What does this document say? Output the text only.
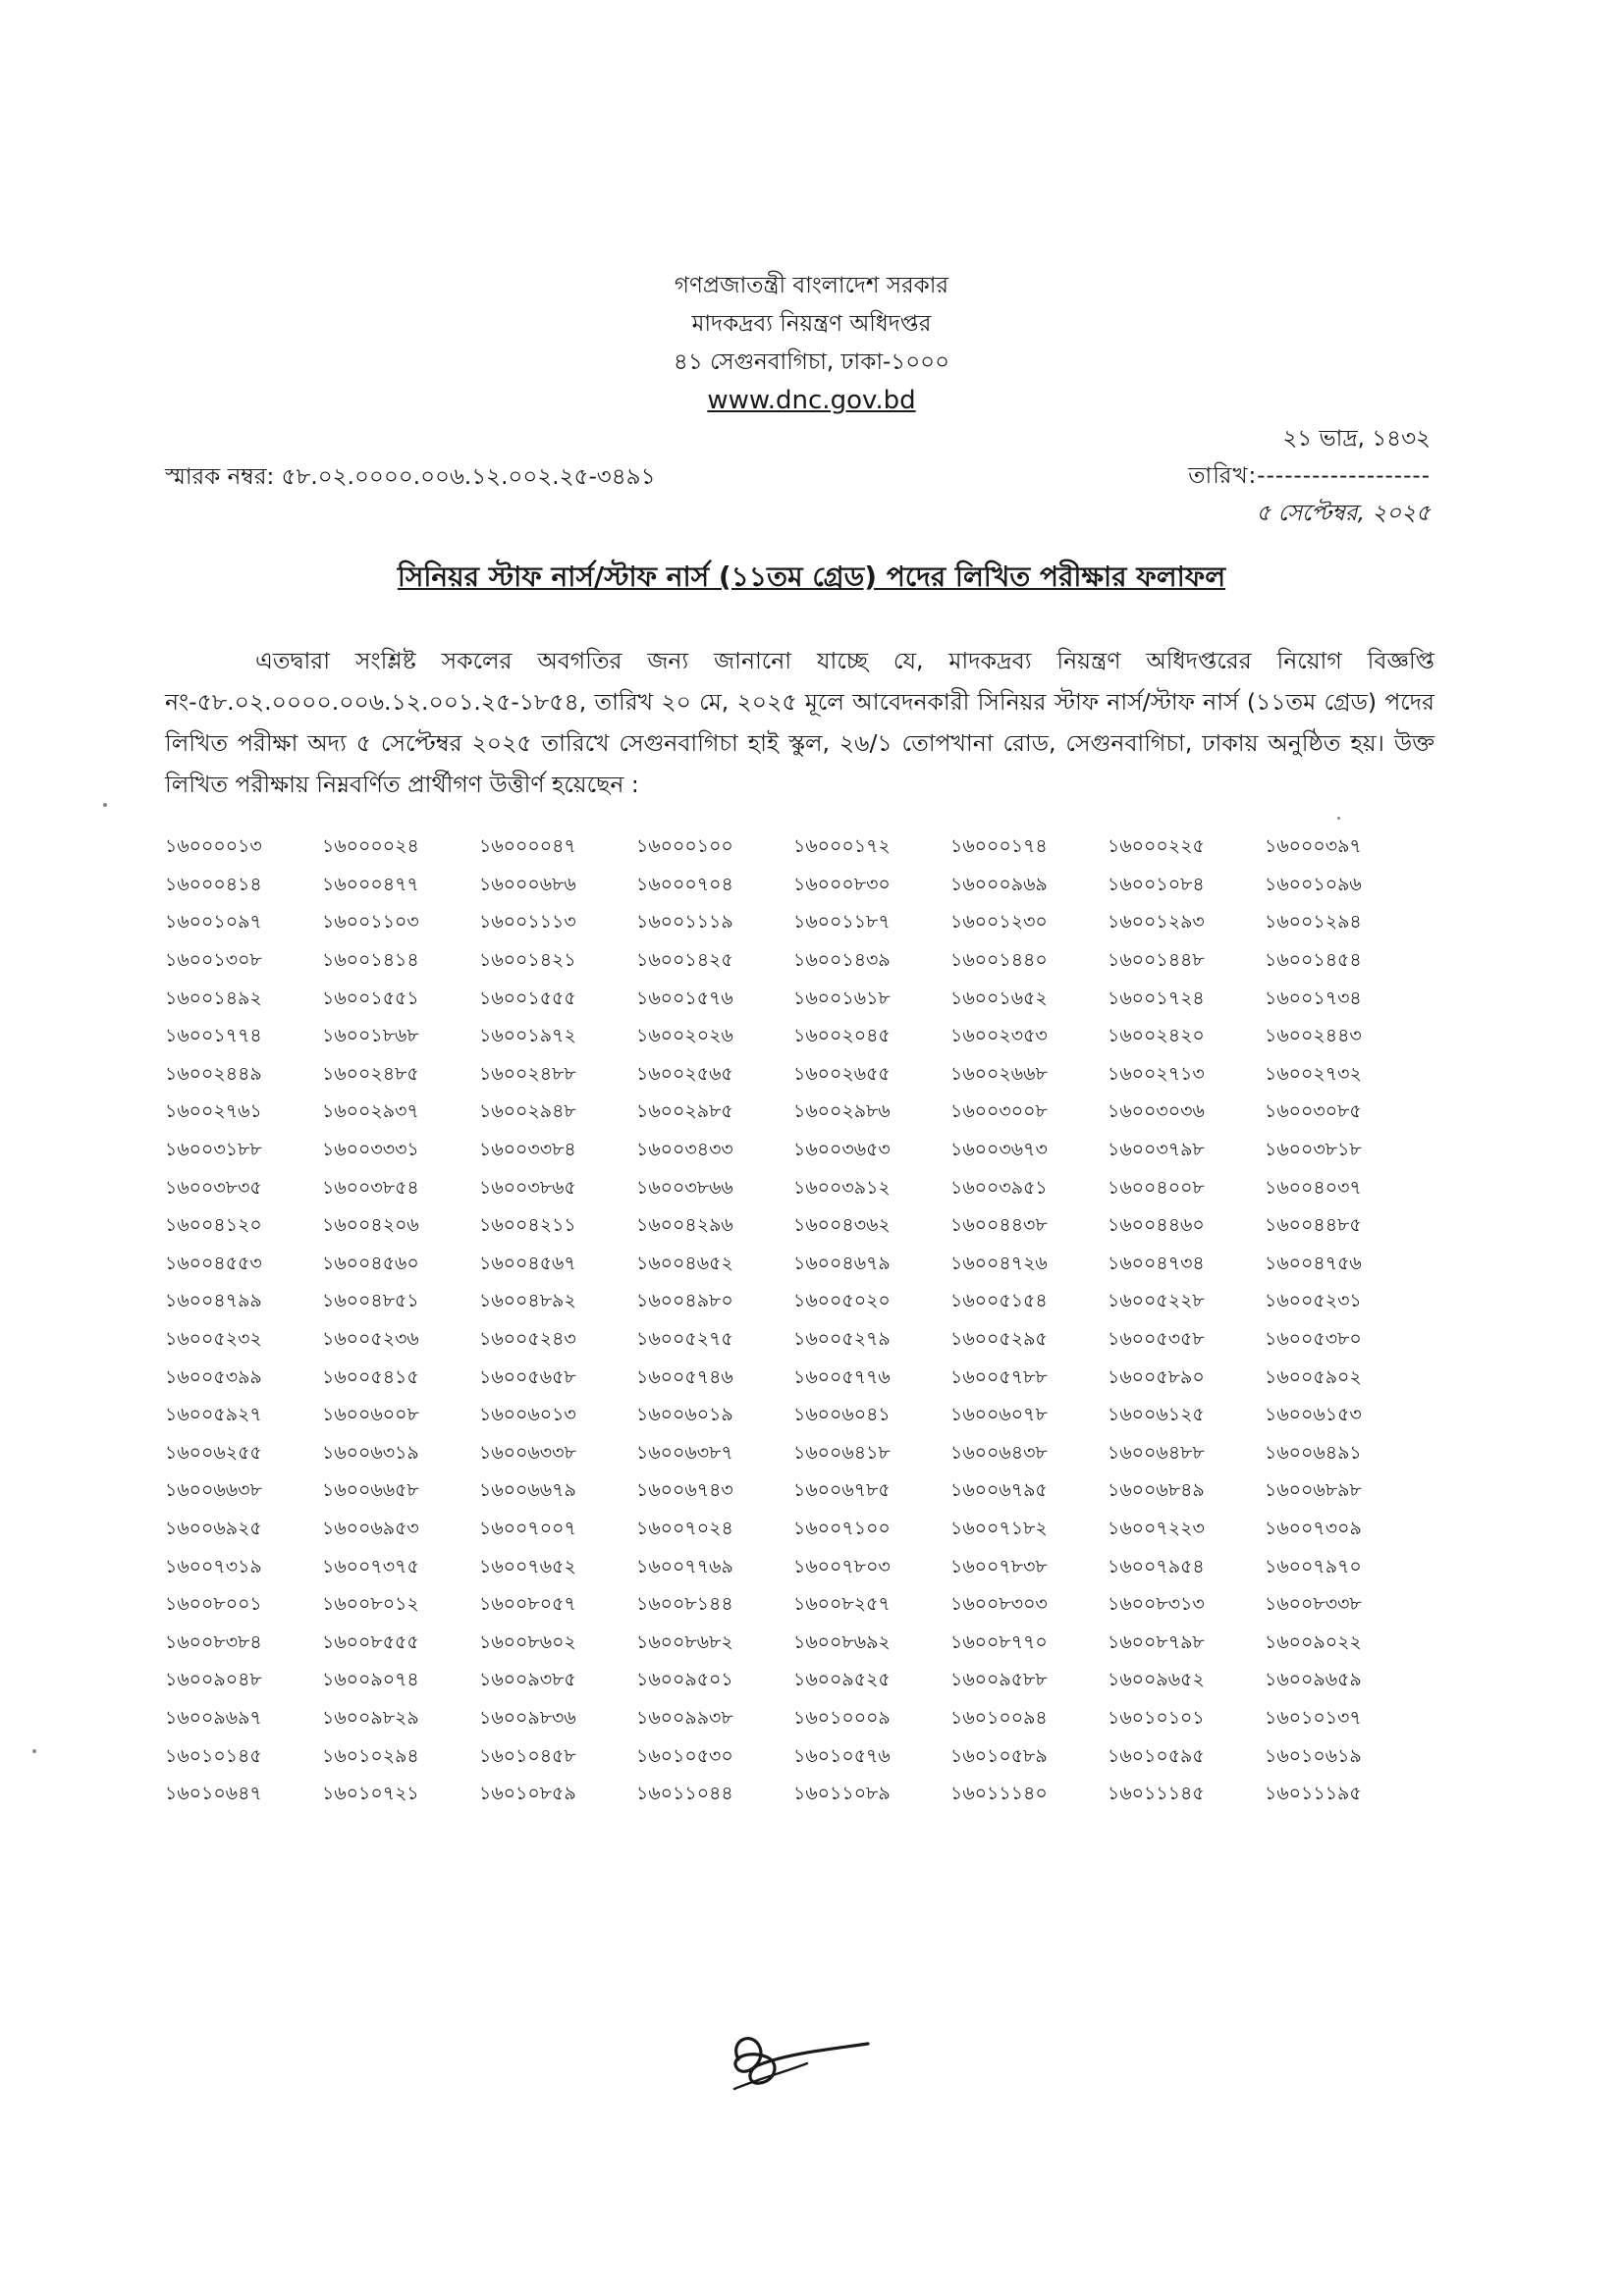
গণপ্রজাতন্ত্রী বাংলাদেশ সরকার
মাদকদ্রব্য নিয়ন্ত্রণ অধিদপ্তর
৪১ সেগুনবাগিচা, ঢাকা-১০০০
www.dnc.gov.bd
স্মারক নম্বর: ৫৮.০২.০০০০.০০৬.১২.০০২.২৫-৩৪৯১
২১ ভাদ্র, ১৪৩২
তারিখ:-------------------
৫ সেপ্টেম্বর, ২০২৫
সিনিয়র স্টাফ নার্স/স্টাফ নার্স (১১তম গ্রেড) পদের লিখিত পরীক্ষার ফলাফল
এতদ্বারা সংশ্লিষ্ট সকলের অবগতির জন্য জানানো যাচ্ছে যে, মাদকদ্রব্য নিয়ন্ত্রণ অধিদপ্তরের নিয়োগ বিজ্ঞপ্তি নং-৫৮.০২.০০০০.০০৬.১২.০০১.২৫-১৮৫৪, তারিখ ২০ মে, ২০২৫ মূলে আবেদনকারী সিনিয়র স্টাফ নার্স/স্টাফ নার্স (১১তম গ্রেড) পদের লিখিত পরীক্ষা অদ্য ৫ সেপ্টেম্বর ২০২৫ তারিখে সেগুনবাগিচা হাই স্কুল, ২৬/১ তোপখানা রোড, সেগুনবাগিচা, ঢাকায় অনুষ্ঠিত হয়। উক্ত লিখিত পরীক্ষায় নিম্নবর্ণিত প্রার্থীগণ উত্তীর্ণ হয়েছেন :
১৬০০০০১৩	১৬০০০০২৪	১৬০০০০৪৭	১৬০০০১০০	১৬০০০১৭২	১৬০০০১৭৪	১৬০০০২২৫	১৬০০০৩৯৭
১৬০০০৪১৪	১৬০০০৪৭৭	১৬০০০৬৮৬	১৬০০০৭০৪	১৬০০০৮৩০	১৬০০০৯৬৯	১৬০০১০৮৪	১৬০০১০৯৬
১৬০০১০৯৭	১৬০০১১০৩	১৬০০১১১৩	১৬০০১১১৯	১৬০০১১৮৭	১৬০০১২৩০	১৬০০১২৯৩	১৬০০১২৯৪
১৬০০১৩০৮	১৬০০১৪১৪	১৬০০১৪২১	১৬০০১৪২৫	১৬০০১৪৩৯	১৬০০১৪৪০	১৬০০১৪৪৮	১৬০০১৪৫৪
১৬০০১৪৯২	১৬০০১৫৫১	১৬০০১৫৫৫	১৬০০১৫৭৬	১৬০০১৬১৮	১৬০০১৬৫২	১৬০০১৭২৪	১৬০০১৭৩৪
১৬০০১৭৭৪	১৬০০১৮৬৮	১৬০০১৯৭২	১৬০০২০২৬	১৬০০২০৪৫	১৬০০২৩৫৩	১৬০০২৪২০	১৬০০২৪৪৩
১৬০০২৪৪৯	১৬০০২৪৮৫	১৬০০২৪৮৮	১৬০০২৫৬৫	১৬০০২৬৫৫	১৬০০২৬৬৮	১৬০০২৭১৩	১৬০০২৭৩২
১৬০০২৭৬১	১৬০০২৯৩৭	১৬০০২৯৪৮	১৬০০২৯৮৫	১৬০০২৯৮৬	১৬০০৩০০৮	১৬০০৩০৩৬	১৬০০৩০৮৫
১৬০০৩১৮৮	১৬০০৩৩৩১	১৬০০৩৩৮৪	১৬০০৩৪৩৩	১৬০০৩৬৫৩	১৬০০৩৬৭৩	১৬০০৩৭৯৮	১৬০০৩৮১৮
১৬০০৩৮৩৫	১৬০০৩৮৫৪	১৬০০৩৮৬৫	১৬০০৩৮৬৬	১৬০০৩৯১২	১৬০০৩৯৫১	১৬০০৪০০৮	১৬০০৪০৩৭
১৬০০৪১২০	১৬০০৪২০৬	১৬০০৪২১১	১৬০০৪২৯৬	১৬০০৪৩৬২	১৬০০৪৪৩৮	১৬০০৪৪৬০	১৬০০৪৪৮৫
১৬০০৪৫৫৩	১৬০০৪৫৬০	১৬০০৪৫৬৭	১৬০০৪৬৫২	১৬০০৪৬৭৯	১৬০০৪৭২৬	১৬০০৪৭৩৪	১৬০০৪৭৫৬
১৬০০৪৭৯৯	১৬০০৪৮৫১	১৬০০৪৮৯২	১৬০০৪৯৮০	১৬০০৫০২০	১৬০০৫১৫৪	১৬০০৫২২৮	১৬০০৫২৩১
১৬০০৫২৩২	১৬০০৫২৩৬	১৬০০৫২৪৩	১৬০০৫২৭৫	১৬০০৫২৭৯	১৬০০৫২৯৫	১৬০০৫৩৫৮	১৬০০৫৩৮০
১৬০০৫৩৯৯	১৬০০৫৪১৫	১৬০০৫৬৫৮	১৬০০৫৭৪৬	১৬০০৫৭৭৬	১৬০০৫৭৮৮	১৬০০৫৮৯০	১৬০০৫৯০২
১৬০০৫৯২৭	১৬০০৬০০৮	১৬০০৬০১৩	১৬০০৬০১৯	১৬০০৬০৪১	১৬০০৬০৭৮	১৬০০৬১২৫	১৬০০৬১৫৩
১৬০০৬২৫৫	১৬০০৬৩১৯	১৬০০৬৩৩৮	১৬০০৬৩৮৭	১৬০০৬৪১৮	১৬০০৬৪৩৮	১৬০০৬৪৮৮	১৬০০৬৪৯১
১৬০০৬৬৩৮	১৬০০৬৬৫৮	১৬০০৬৬৭৯	১৬০০৬৭৪৩	১৬০০৬৭৮৫	১৬০০৬৭৯৫	১৬০০৬৮৪৯	১৬০০৬৮৯৮
১৬০০৬৯২৫	১৬০০৬৯৫৩	১৬০০৭০০৭	১৬০০৭০২৪	১৬০০৭১০০	১৬০০৭১৮২	১৬০০৭২২৩	১৬০০৭৩০৯
১৬০০৭৩১৯	১৬০০৭৩৭৫	১৬০০৭৬৫২	১৬০০৭৭৬৯	১৬০০৭৮০৩	১৬০০৭৮৩৮	১৬০০৭৯৫৪	১৬০০৭৯৭০
১৬০০৮০০১	১৬০০৮০১২	১৬০০৮০৫৭	১৬০০৮১৪৪	১৬০০৮২৫৭	১৬০০৮৩০৩	১৬০০৮৩১৩	১৬০০৮৩৩৮
১৬০০৮৩৮৪	১৬০০৮৫৫৫	১৬০০৮৬০২	১৬০০৮৬৮২	১৬০০৮৬৯২	১৬০০৮৭৭০	১৬০০৮৭৯৮	১৬০০৯০২২
১৬০০৯০৪৮	১৬০০৯০৭৪	১৬০০৯৩৮৫	১৬০০৯৫০১	১৬০০৯৫২৫	১৬০০৯৫৮৮	১৬০০৯৬৫২	১৬০০৯৬৫৯
১৬০০৯৬৯৭	১৬০০৯৮২৯	১৬০০৯৮৩৬	১৬০০৯৯৩৮	১৬০১০০০৯	১৬০১০০৯৪	১৬০১০১০১	১৬০১০১৩৭
১৬০১০১৪৫	১৬০১০২৯৪	১৬০১০৪৫৮	১৬০১০৫৩০	১৬০১০৫৭৬	১৬০১০৫৮৯	১৬০১০৫৯৫	১৬০১০৬১৯
১৬০১০৬৪৭	১৬০১০৭২১	১৬০১০৮৫৯	১৬০১১০৪৪	১৬০১১০৮৯	১৬০১১১৪০	১৬০১১১৪৫	১৬০১১১৯৫
